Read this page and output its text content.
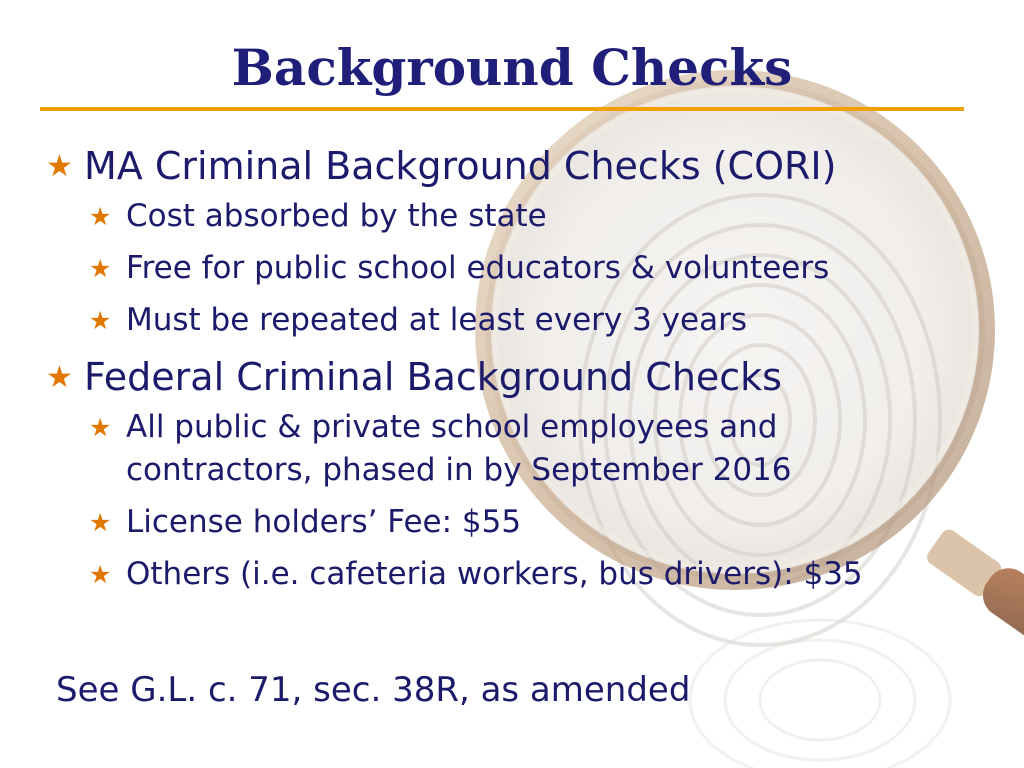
Background Checks
★ MA Criminal Background Checks (CORI)
★ Cost absorbed by the state
★ Free for public school educators & volunteers
★ Must be repeated at least every 3 years
★ Federal Criminal Background Checks
★ All public & private school employees and contractors, phased in by September 2016
★ License holders’ Fee: $55
★ Others (i.e. cafeteria workers, bus drivers): $35
See G.L. c. 71, sec. 38R, as amended
